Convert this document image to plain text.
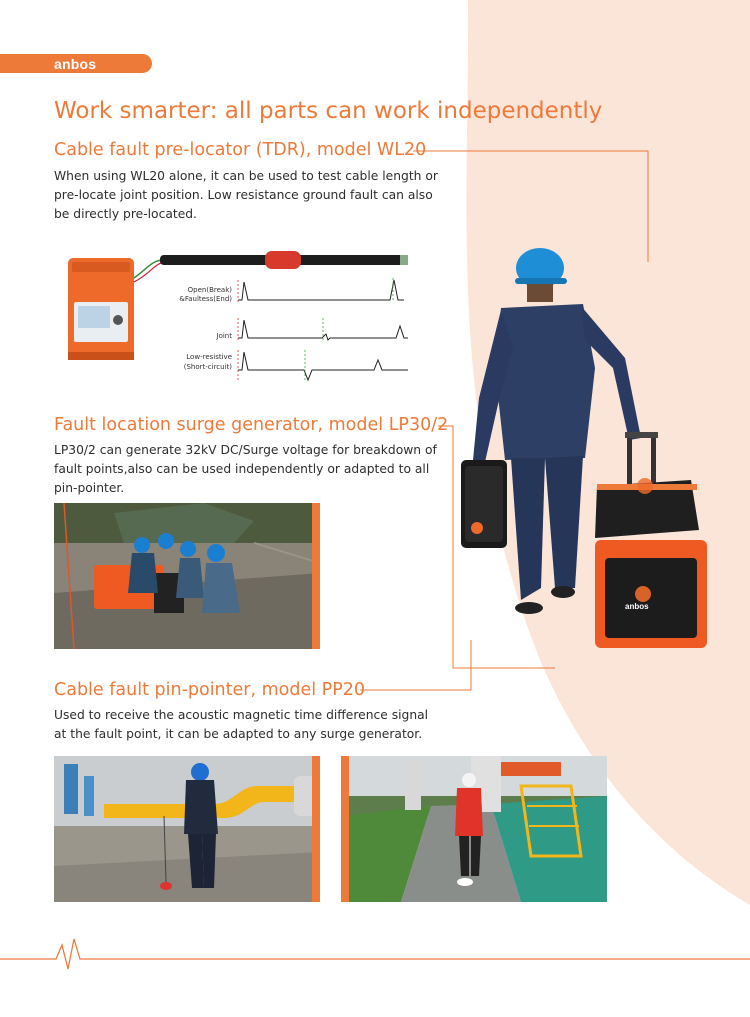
anbos
Work smarter: all parts can work independently
Cable fault pre-locator (TDR), model WL20
When using WL20 alone, it can be used to test cable length or pre-locate joint position. Low resistance ground fault can also be directly pre-located.
Open(Break)
&Faultess(End)
Joint
Low-resistive
(Short-circuit)
Fault location surge generator, model LP30/2
LP30/2 can generate 32kV DC/Surge voltage for breakdown of fault points,also can be used independently or adapted to all pin-pointer.
anbos
Cable fault pin-pointer, model PP20
Used to receive the acoustic magnetic time difference signal at the fault point, it can be adapted to any surge generator.
